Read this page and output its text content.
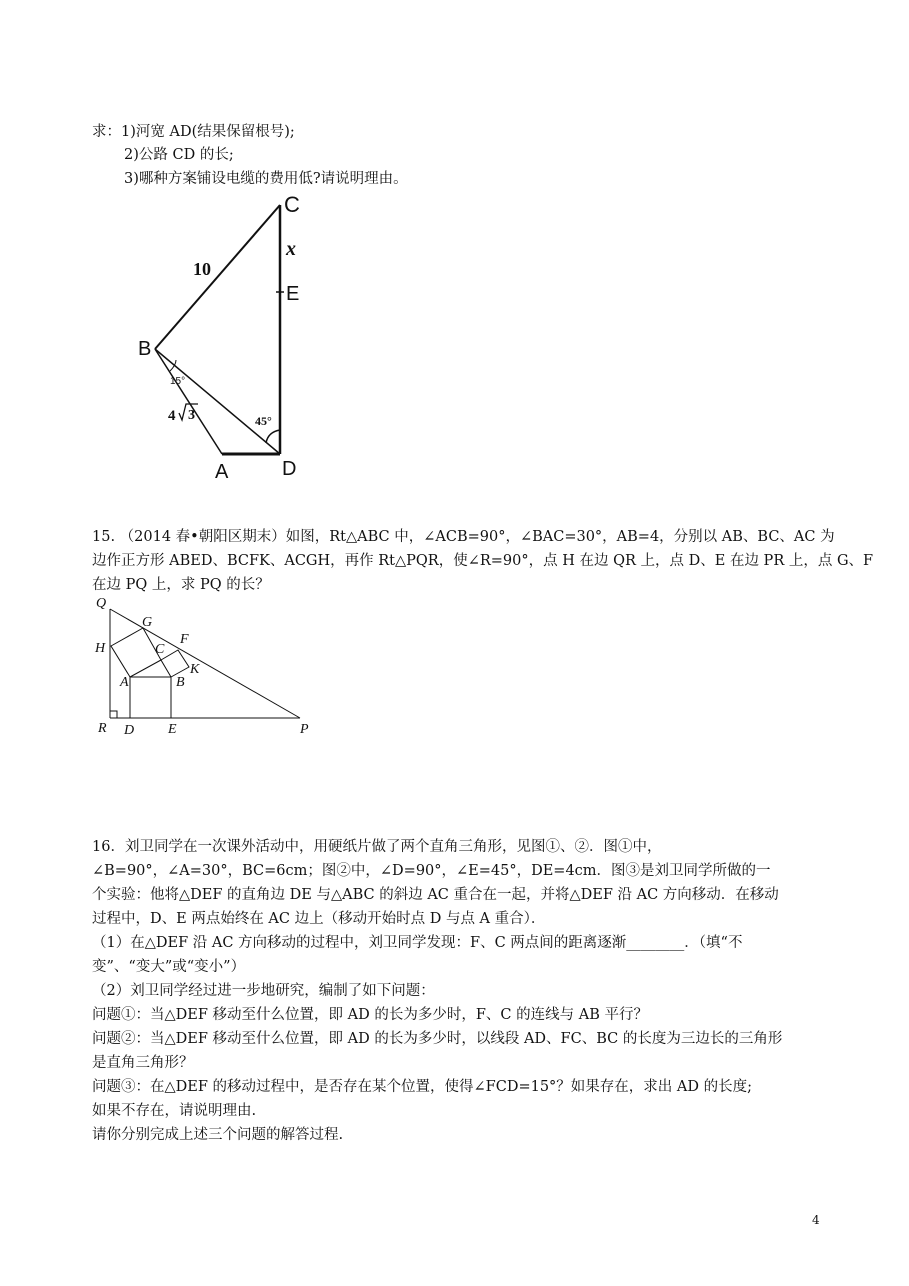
求：1)河宽 AD(结果保留根号);
2)公路 CD 的长;
3)哪种方案铺设电缆的费用低?请说明理由。
C
x
E
10
B
15°
4 3	45°
A	D
15. （2014 春•朝阳区期末）如图，Rt△ABC 中，∠ACB=90°，∠BAC=30°，AB=4，分别以 AB、BC、AC 为
边作正方形 ABED、BCFK、ACGH，再作 Rt△PQR，使∠R=90°，点 H 在边 QR 上，点 D、E 在边 PR 上，点 G、F
在边 PQ 上，求 PQ 的长？
Q
G
F
H	C
K
A	B
R D E	P
16．刘卫同学在一次课外活动中，用硬纸片做了两个直角三角形，见图①、②．图①中，
∠B=90°，∠A=30°，BC=6cm；图②中，∠D=90°，∠E=45°，DE=4cm．图③是刘卫同学所做的一
个实验：他将△DEF 的直角边 DE 与△ABC 的斜边 AC 重合在一起，并将△DEF 沿 AC 方向移动．在移动
过程中，D、E 两点始终在 AC 边上（移动开始时点 D 与点 A 重合）．
（1）在△DEF 沿 AC 方向移动的过程中，刘卫同学发现：F、C 两点间的距离逐渐________．（填“不
变”、“变大”或“变小”）
（2）刘卫同学经过进一步地研究，编制了如下问题：
问题①：当△DEF 移动至什么位置，即 AD 的长为多少时，F、C 的连线与 AB 平行？
问题②：当△DEF 移动至什么位置，即 AD 的长为多少时，以线段 AD、FC、BC 的长度为三边长的三角形
是直角三角形？
问题③：在△DEF 的移动过程中，是否存在某个位置，使得∠FCD=15°？如果存在，求出 AD 的长度;
如果不存在，请说明理由.
请你分别完成上述三个问题的解答过程.
4
